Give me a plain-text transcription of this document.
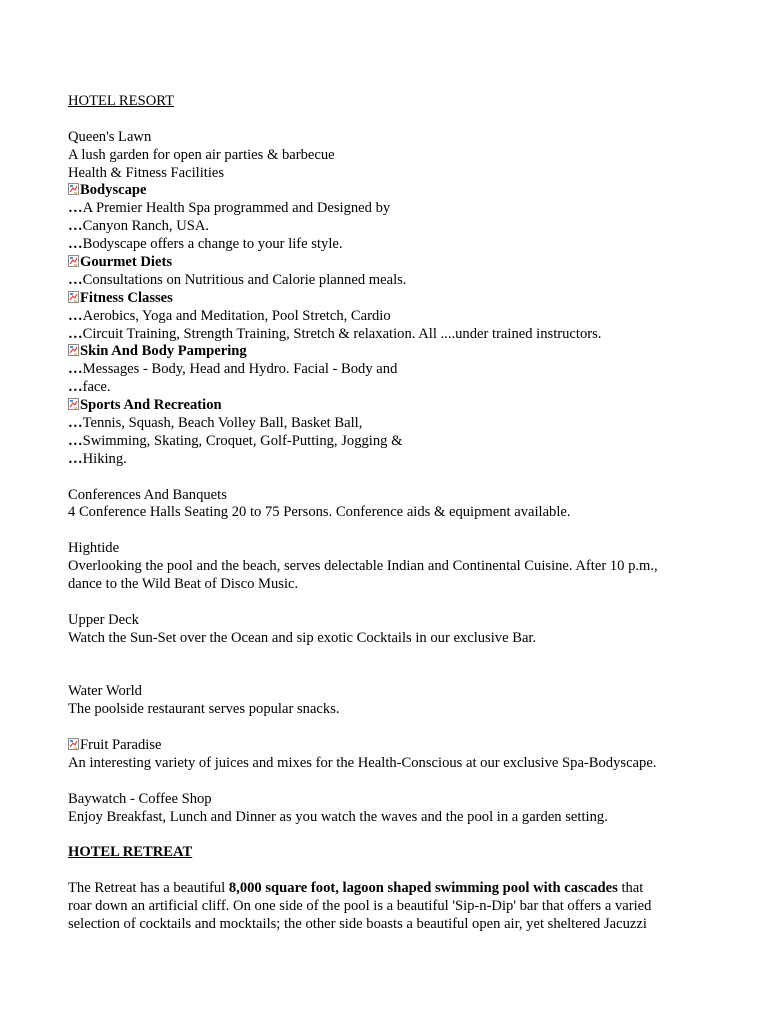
HOTEL RESORT
Queen's Lawn
A lush garden for open air parties & barbecue
Health & Fitness Facilities
Bodyscape
…A Premier Health Spa programmed and Designed by
…Canyon Ranch, USA.
…Bodyscape offers a change to your life style.
Gourmet Diets
…Consultations on Nutritious and Calorie planned meals.
Fitness Classes
…Aerobics, Yoga and Meditation, Pool Stretch, Cardio
…Circuit Training, Strength Training, Stretch & relaxation. All ....under trained instructors.
Skin And Body Pampering
…Messages - Body, Head and Hydro. Facial - Body and
…face.
Sports And Recreation
…Tennis, Squash, Beach Volley Ball, Basket Ball,
…Swimming, Skating, Croquet, Golf-Putting, Jogging &
…Hiking.
Conferences And Banquets
4 Conference Halls Seating 20 to 75 Persons. Conference aids & equipment available.
Hightide
Overlooking the pool and the beach, serves delectable Indian and Continental Cuisine. After 10 p.m.,
dance to the Wild Beat of Disco Music.
Upper Deck
Watch the Sun-Set over the Ocean and sip exotic Cocktails in our exclusive Bar.
Water World
The poolside restaurant serves popular snacks.
Fruit Paradise
An interesting variety of juices and mixes for the Health-Conscious at our exclusive Spa-Bodyscape.
Baywatch - Coffee Shop
Enjoy Breakfast, Lunch and Dinner as you watch the waves and the pool in a garden setting.
HOTEL RETREAT
The Retreat has a beautiful 8,000 square foot, lagoon shaped swimming pool with cascades that
roar down an artificial cliff. On one side of the pool is a beautiful 'Sip-n-Dip' bar that offers a varied
selection of cocktails and mocktails; the other side boasts a beautiful open air, yet sheltered Jacuzzi
